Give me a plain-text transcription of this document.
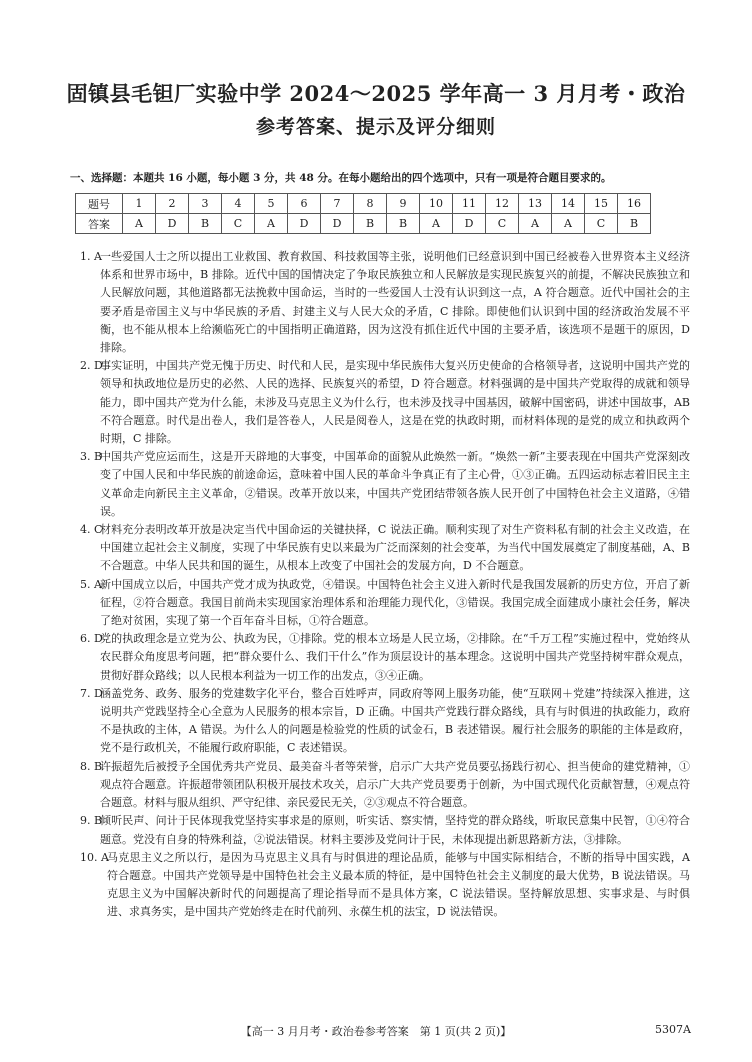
固镇县毛钽厂实验中学 2024～2025 学年高一 3 月月考・政治
参考答案、提示及评分细则
一、选择题：本题共 16 小题，每小题 3 分，共 48 分。在每小题给出的四个选项中，只有一项是符合题目要求的。
题号	1	2	3	4	5	6	7	8	9	10	11	12	13	14	15	16
答案	A	D	B	C	A	D	D	B	B	A	D	C	A	A	C	B
1. A
一些爱国人士之所以提出工业救国、教育救国、科技救国等主张，说明他们已经意识到中国已经被卷入世界资本主义经济体系和世界市场中，B 排除。近代中国的国情决定了争取民族独立和人民解放是实现民族复兴的前提，不解决民族独立和人民解放问题，其他道路都无法挽救中国命运，当时的一些爱国人士没有认识到这一点，A 符合题意。近代中国社会的主要矛盾是帝国主义与中华民族的矛盾、封建主义与人民大众的矛盾，C 排除。即使他们认识到中国的经济政治发展不平衡，也不能从根本上给濒临死亡的中国指明正确道路，因为这没有抓住近代中国的主要矛盾，该选项不是题干的原因，D 排除。
2. D
事实证明，中国共产党无愧于历史、时代和人民，是实现中华民族伟大复兴历史使命的合格领导者，这说明中国共产党的领导和执政地位是历史的必然、人民的选择、民族复兴的希望，D 符合题意。材料强调的是中国共产党取得的成就和领导能力，即中国共产党为什么能，未涉及马克思主义为什么行，也未涉及找寻中国基因，破解中国密码，讲述中国故事，AB 不符合题意。时代是出卷人，我们是答卷人，人民是阅卷人，这是在党的执政时期，而材料体现的是党的成立和执政两个时期，C 排除。
3. B
中国共产党应运而生，这是开天辟地的大事变，中国革命的面貌从此焕然一新。“焕然一新”主要表现在中国共产党深刻改变了中国人民和中华民族的前途命运，意味着中国人民的革命斗争真正有了主心骨，①③正确。五四运动标志着旧民主主义革命走向新民主主义革命，②错误。改革开放以来，中国共产党团结带领各族人民开创了中国特色社会主义道路，④错误。
4. C
材料充分表明改革开放是决定当代中国命运的关键抉择，C 说法正确。顺利实现了对生产资料私有制的社会主义改造，在中国建立起社会主义制度，实现了中华民族有史以来最为广泛而深刻的社会变革，为当代中国发展奠定了制度基础，A、B 不合题意。中华人民共和国的诞生，从根本上改变了中国社会的发展方向，D 不合题意。
5. A
新中国成立以后，中国共产党才成为执政党，④错误。中国特色社会主义进入新时代是我国发展新的历史方位，开启了新征程，②符合题意。我国目前尚未实现国家治理体系和治理能力现代化，③错误。我国完成全面建成小康社会任务，解决了绝对贫困，实现了第一个百年奋斗目标，①符合题意。
6. D
党的执政理念是立党为公、执政为民，①排除。党的根本立场是人民立场，②排除。在“千万工程”实施过程中，党始终从农民群众角度思考问题，把“群众要什么、我们干什么”作为顶层设计的基本理念。这说明中国共产党坚持树牢群众观点，贯彻好群众路线；以人民根本利益为一切工作的出发点，③④正确。
7. D
涵盖党务、政务、服务的党建数字化平台，整合百姓呼声，同政府等网上服务功能，使“互联网＋党建”持续深入推进，这说明共产党践坚持全心全意为人民服务的根本宗旨，D 正确。中国共产党践行群众路线，具有与时俱进的执政能力，政府不是执政的主体，A 错误。为什么人的问题是检验党的性质的试金石，B 表述错误。履行社会服务的职能的主体是政府，党不是行政机关，不能履行政府职能，C 表述错误。
8. B
许振超先后被授予全国优秀共产党员、最美奋斗者等荣誉，启示广大共产党员要弘扬践行初心、担当使命的建党精神，①观点符合题意。许振超带领团队积极开展技术攻关，启示广大共产党员要勇于创新，为中国式现代化贡献智慧，④观点符合题意。材料与服从组织、严守纪律、亲民爱民无关，②③观点不符合题意。
9. B
倾听民声、问计于民体现我党坚持实事求是的原则，听实话、察实情，坚持党的群众路线，听取民意集中民智，①④符合题意。党没有自身的特殊利益，②说法错误。材料主要涉及党问计于民，未体现提出新思路新方法，③排除。
10. A
马克思主义之所以行，是因为马克思主义具有与时俱进的理论品质，能够与中国实际相结合，不断的指导中国实践，A 符合题意。中国共产党领导是中国特色社会主义最本质的特征，是中国特色社会主义制度的最大优势，B 说法错误。马克思主义为中国解决新时代的问题提高了理论指导而不是具体方案，C 说法错误。坚持解放思想、实事求是、与时俱进、求真务实，是中国共产党始终走在时代前列、永葆生机的法宝，D 说法错误。
【高一 3 月月考・政治卷参考答案　第 1 页(共 2 页)】	5307A
